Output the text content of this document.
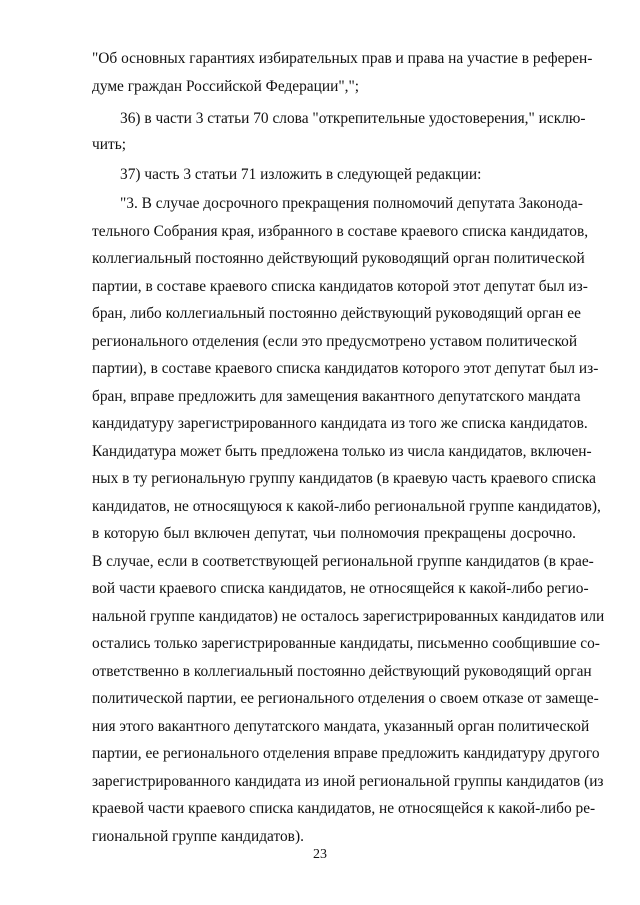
"Об основных гарантиях избирательных прав и права на участие в референ-
думе граждан Российской Федерации",";
36) в части 3 статьи 70 слова "открепительные удостоверения," исклю-
чить;
37) часть 3 статьи 71 изложить в следующей редакции:
"3. В случае досрочного прекращения полномочий депутата Законода-
тельного Собрания края, избранного в составе краевого списка кандидатов,
коллегиальный постоянно действующий руководящий орган политической
партии, в составе краевого списка кандидатов которой этот депутат был из-
бран, либо коллегиальный постоянно действующий руководящий орган ее
регионального отделения (если это предусмотрено уставом политической
партии), в составе краевого списка кандидатов которого этот депутат был из-
бран, вправе предложить для замещения вакантного депутатского мандата
кандидатуру зарегистрированного кандидата из того же списка кандидатов.
Кандидатура может быть предложена только из числа кандидатов, включен-
ных в ту региональную группу кандидатов (в краевую часть краевого списка
кандидатов, не относящуюся к какой-либо региональной группе кандидатов),
в которую был включен депутат, чьи полномочия прекращены досрочно.
В случае, если в соответствующей региональной группе кандидатов (в крае-
вой части краевого списка кандидатов, не относящейся к какой-либо регио-
нальной группе кандидатов) не осталось зарегистрированных кандидатов или
остались только зарегистрированные кандидаты, письменно сообщившие со-
ответственно в коллегиальный постоянно действующий руководящий орган
политической партии, ее регионального отделения о своем отказе от замеще-
ния этого вакантного депутатского мандата, указанный орган политической
партии, ее регионального отделения вправе предложить кандидатуру другого
зарегистрированного кандидата из иной региональной группы кандидатов (из
краевой части краевого списка кандидатов, не относящейся к какой-либо ре-
гиональной группе кандидатов).
23
